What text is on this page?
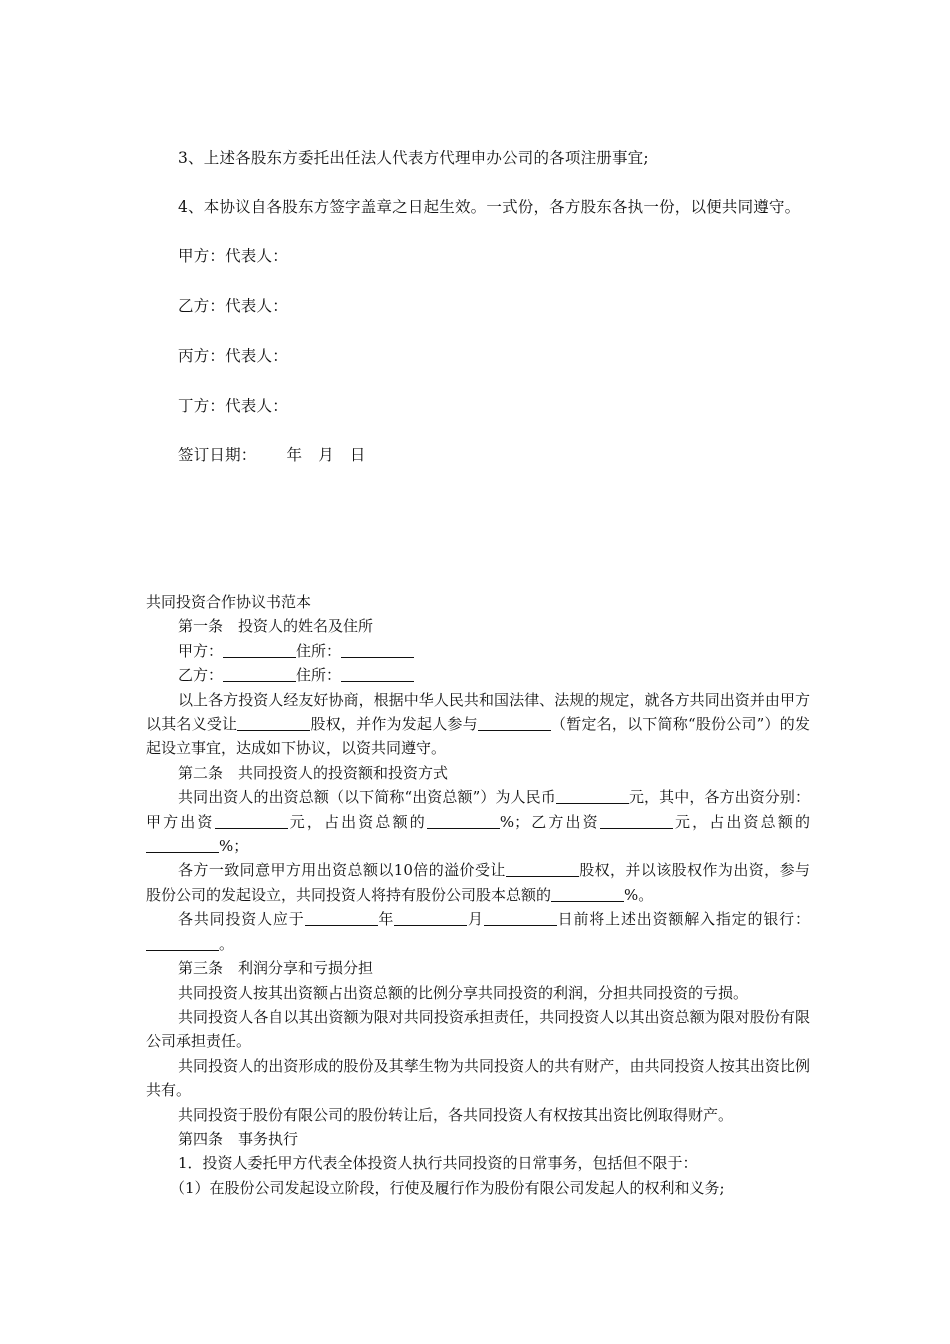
3、上述各股东方委托出任法人代表方代理申办公司的各项注册事宜;
4、本协议自各股东方签字盖章之日起生效。一式份，各方股东各执一份，以便共同遵守。
甲方：代表人：
乙方：代表人：
丙方：代表人：
丁方：代表人：
签订日期： 年 月 日

共同投资合作协议书范本

第一条　投资人的姓名及住所

甲方：	住所：

乙方：	住所：

以上各方投资人经友好协商，根据中华人民共和国法律、法规的规定，就各方共同出资并由甲方以其名义受让	股权，并作为发起人参与	（暂定名，以下简称“股份公司”）的发起设立事宜，达成如下协议，以资共同遵守。

第二条　共同投资人的投资额和投资方式

共同出资人的出资总额（以下简称“出资总额”）为人民币	元，其中，各方出资分别：甲方出资	元，占出资总额的	%；乙方出资	元，占出资总额的%；

各方一致同意甲方用出资总额以10倍的溢价受让	股权，并以该股权作为出资，参与股份公司的发起设立，共同投资人将持有股份公司股本总额的	%。

各共同投资人应于	年	月	日前将上述出资额解入指定的银行：。

第三条　利润分享和亏损分担

共同投资人按其出资额占出资总额的比例分享共同投资的利润，分担共同投资的亏损。

共同投资人各自以其出资额为限对共同投资承担责任，共同投资人以其出资总额为限对股份有限公司承担责任。

共同投资人的出资形成的股份及其孳生物为共同投资人的共有财产，由共同投资人按其出资比例共有。

共同投资于股份有限公司的股份转让后，各共同投资人有权按其出资比例取得财产。

第四条　事务执行

1．投资人委托甲方代表全体投资人执行共同投资的日常事务，包括但不限于：

（1）在股份公司发起设立阶段，行使及履行作为股份有限公司发起人的权利和义务;
